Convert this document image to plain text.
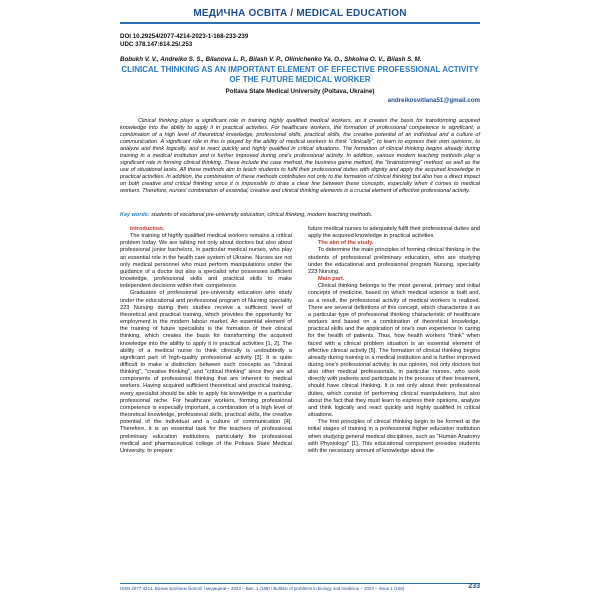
МЕДИЧНА ОСВІТА / MEDICAL EDUCATION
DOI 10.29254/2077-4214-2023-1-168-233-239
UDC 378.147:614.25/.253
Bobukh V. V., Andreiko S. S., Bilanova L. P., Bilash V. P., Oliinichenko Ya. O., Shkolna O. V., Bilash S. M.
CLINICAL THINKING AS AN IMPORTANT ELEMENT OF EFFECTIVE PROFESSIONAL ACTIVITY OF THE FUTURE MEDICAL WORKER
Poltava State Medical University (Poltava, Ukraine)
andreikosvitlana51@gmail.com

Clinical thinking plays a significant role in training highly qualified medical workers, as it creates the basis for transforming acquired knowledge into the ability to apply it in practical activities. For healthcare workers, the formation of professional competence is significant, a combination of a high level of theoretical knowledge, professional skills, practical skills, the creative potential of an individual and a culture of communication. A significant role in this is played by the ability of medical workers to think "clinically", to learn to express their own opinions, to analyze and think logically, and to react quickly and highly qualified in critical situations. The formation of clinical thinking begins already during training in a medical institution and is further improved during one's professional activity. In addition, various modern teaching methods play a significant role in forming clinical thinking. These include the case method, the business game method, the "brainstorming" method, as well as the use of situational tasks. All these methods aim to teach students to fulfil their professional duties with dignity and apply the acquired knowledge in practical activities. In addition, the combination of these methods contributes not only to the formation of clinical thinking but also has a direct impact on both creative and critical thinking since it is impossible to draw a clear line between these concepts, especially when it comes to medical workers. Therefore, nurses' combination of essential, creative and clinical thinking elements is a crucial element of effective professional activity.

Key words: students of vocational pre-university education, clinical thinking, modern teaching methods.

Introduction.

The training of highly qualified medical workers remains a critical problem today. We are talking not only about doctors but also about professional junior bachelors, in particular medical nurses, who play an essential role in the health care system of Ukraine. Nurses are not only medical personnel who must perform manipulations under the guidance of a doctor but also a specialist who possesses sufficient knowledge, professional skills and practical skills to make independent decisions within their competence.

Graduates of professional pre-university education who study under the educational and professional program of Nursing speciality 223 Nursing during their studies receive a sufficient level of theoretical and practical training, which provides the opportunity for employment in the modern labour market. An essential element of the training of future specialists is the formation of their clinical thinking, which creates the basis for transforming the acquired knowledge into the ability to apply it in practical activities [1, 2]. The ability of a medical nurse to think clinically is undoubtedly a significant part of high-quality professional activity [3]. It is quite difficult to make a distinction between such concepts as "clinical thinking", "creative thinking", and "critical thinking" since they are all components of professional thinking that are inherent to medical workers. Having acquired sufficient theoretical and practical training, every specialist should be able to apply his knowledge in a particular professional niche. For healthcare workers, forming professional competence is especially important, a combination of a high level of theoretical knowledge, professional skills, practical skills, the creative potential of the individual and a culture of communication [4]. Therefore, it is an essential task for the teachers of professional preliminary education institutions, particularly the professional medical and pharmaceutical college of the Poltava State Medical University, to prepare

future medical nurses to adequately fulfil their professional duties and apply the acquired knowledge in practical activities.

The aim of the study.

To determine the main principles of forming clinical thinking in the students of professional preliminary education, who are studying under the educational and professional program Nursing, speciality 223 Nursing.

Main part.

Clinical thinking belongs to the most general, primary and initial concepts of medicine, based on which medical science is built and, as a result, the professional activity of medical workers is realized. There are several definitions of this concept, which characterize it as a particular type of professional thinking characteristic of healthcare workers and based on a combination of theoretical knowledge, practical skills and the application of one's own experience in caring for the health of patients. Thus, how health workers "think" when faced with a clinical problem situation is an essential element of effective clinical activity [5]. The formation of clinical thinking begins already during training in a medical institution and is further improved during one's professional activity. In our opinion, not only doctors but also other medical professionals, in particular nurses, who work directly with patients and participate in the process of their treatment, should have clinical thinking. It is not only about their professional duties, which consist of performing clinical manipulations, but also about the fact that they must learn to express their opinions, analyze and think logically and react quickly and highly qualified in critical situations.

The first principles of clinical thinking begin to be formed at the initial stages of training in a professional higher education institution when studying general medical disciplines, such as "Human Anatomy with Physiology" [1]. This educational component provides students with the necessary amount of knowledge about the

ISSN 2077-4214. Вісник проблем біології і медицини – 2023 – Вип. 1 (168) / Bulletin of problems in biology and medicine – 2023 – Issue 1 (168)	233
